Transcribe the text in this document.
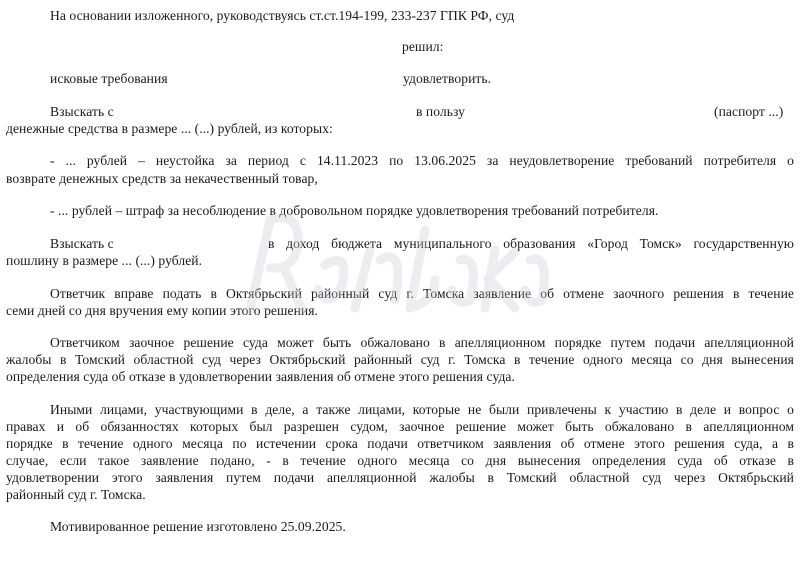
На основании изложенного, руководствуясь ст.ст.194-199, 233-237 ГПК РФ, суд
решил:
исковые требования	удовлетворить.
Взыскать с	в пользу	(паспорт ...)
денежные средства в размере ... (...) рублей, из которых:
- ... рублей – неустойка за период с 14.11.2023 по 13.06.2025 за неудовлетворение требований потребителя о
возврате денежных средств за некачественный товар,
- ... рублей – штраф за несоблюдение в добровольном порядке удовлетворения требований потребителя.
Взыскать с	в доход бюджета муниципального образования «Город Томск» государственную
пошлину в размере ... (...) рублей.
Ответчик вправе подать в Октябрьский районный суд г. Томска заявление об отмене заочного решения в течение
семи дней со дня вручения ему копии этого решения.
Ответчиком заочное решение суда может быть обжаловано в апелляционном порядке путем подачи апелляционной
жалобы в Томский областной суд через Октябрьский районный суд г. Томска в течение одного месяца со дня вынесения
определения суда об отказе в удовлетворении заявления об отмене этого решения суда.
Иными лицами, участвующими в деле, а также лицами, которые не были привлечены к участию в деле и вопрос о
правах и об обязанностях которых был разрешен судом, заочное решение может быть обжаловано в апелляционном
порядке в течение одного месяца по истечении срока подачи ответчиком заявления об отмене этого решения суда, а в
случае, если такое заявление подано, - в течение одного месяца со дня вынесения определения суда об отказе в
удовлетворении этого заявления путем подачи апелляционной жалобы в Томский областной суд через Октябрьский
районный суд г. Томска.
Мотивированное решение изготовлено 25.09.2025.
